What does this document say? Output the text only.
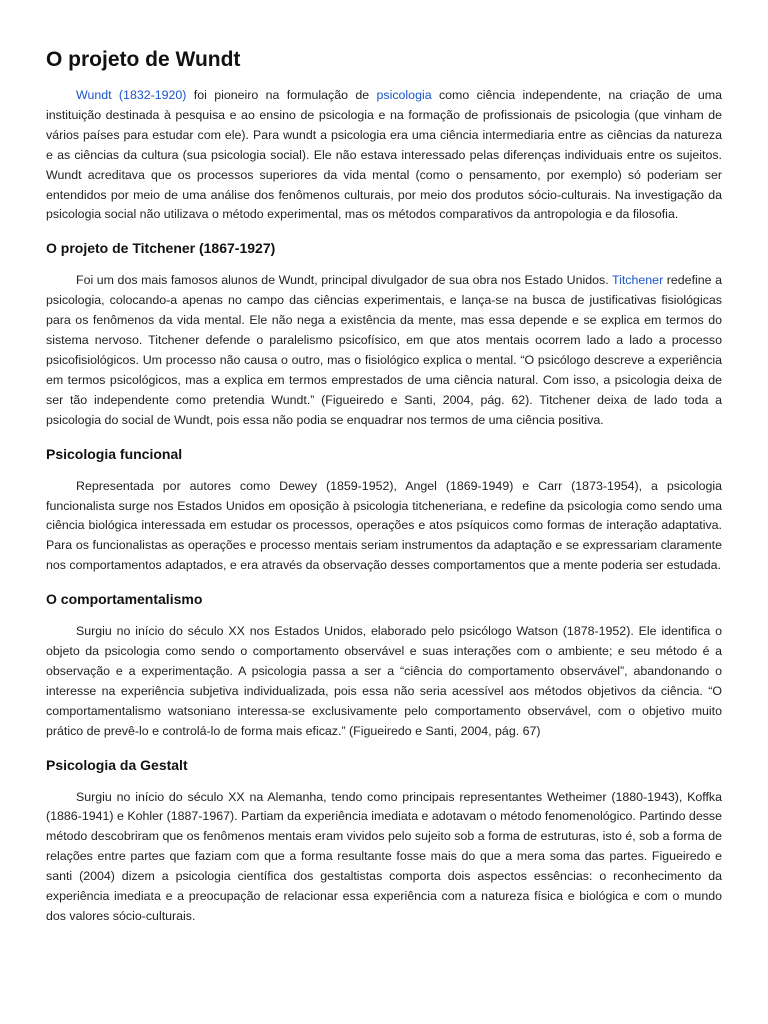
O projeto de Wundt

Wundt (1832-1920) foi pioneiro na formulação de psicologia como ciência independente, na criação de uma instituição destinada à pesquisa e ao ensino de psicologia e na formação de profissionais de psicologia (que vinham de vários países para estudar com ele). Para wundt a psicologia era uma ciência intermediaria entre as ciências da natureza e as ciências da cultura (sua psicologia social). Ele não estava interessado pelas diferenças individuais entre os sujeitos. Wundt acreditava que os processos superiores da vida mental (como o pensamento, por exemplo) só poderiam ser entendidos por meio de uma análise dos fenômenos culturais, por meio dos produtos sócio-culturais. Na investigação da psicologia social não utilizava o método experimental, mas os métodos comparativos da antropologia e da filosofia.

O projeto de Titchener (1867-1927)

Foi um dos mais famosos alunos de Wundt, principal divulgador de sua obra nos Estado Unidos. Titchener redefine a psicologia, colocando-a apenas no campo das ciências experimentais, e lança-se na busca de justificativas fisiológicas para os fenômenos da vida mental. Ele não nega a existência da mente, mas essa depende e se explica em termos do sistema nervoso. Titchener defende o paralelismo psicofísico, em que atos mentais ocorrem lado a lado a processo psicofisiológicos. Um processo não causa o outro, mas o fisiológico explica o mental. “O psicólogo descreve a experiência em termos psicológicos, mas a explica em termos emprestados de uma ciência natural. Com isso, a psicologia deixa de ser tão independente como pretendia Wundt.” (Figueiredo e Santi, 2004, pág. 62). Titchener deixa de lado toda a psicologia do social de Wundt, pois essa não podia se enquadrar nos termos de uma ciência positiva.

Psicologia funcional

Representada por autores como Dewey (1859-1952), Angel (1869-1949) e Carr (1873-1954), a psicologia funcionalista surge nos Estados Unidos em oposição à psicologia titcheneriana, e redefine da psicologia como sendo uma ciência biológica interessada em estudar os processos, operações e atos psíquicos como formas de interação adaptativa. Para os funcionalistas as operações e processo mentais seriam instrumentos da adaptação e se expressariam claramente nos comportamentos adaptados, e era através da observação desses comportamentos que a mente poderia ser estudada.

O comportamentalismo

Surgiu no início do século XX nos Estados Unidos, elaborado pelo psicólogo Watson (1878-1952). Ele identifica o objeto da psicologia como sendo o comportamento observável e suas interações com o ambiente; e seu método é a observação e a experimentação. A psicologia passa a ser a “ciência do comportamento observável”, abandonando o interesse na experiência subjetiva individualizada, pois essa não seria acessível aos métodos objetivos da ciência. “O comportamentalismo watsoniano interessa-se exclusivamente pelo comportamento observável, com o objetivo muito prático de prevê-lo e controlá-lo de forma mais eficaz.” (Figueiredo e Santi, 2004, pág. 67)

Psicologia da Gestalt

Surgiu no início do século XX na Alemanha, tendo como principais representantes Wetheimer (1880-1943), Koffka (1886-1941) e Kohler (1887-1967). Partiam da experiência imediata e adotavam o método fenomenológico. Partindo desse método descobriram que os fenômenos mentais eram vividos pelo sujeito sob a forma de estruturas, isto é, sob a forma de relações entre partes que faziam com que a forma resultante fosse mais do que a mera soma das partes. Figueiredo e santi (2004) dizem a psicologia científica dos gestaltistas comporta dois aspectos essências: o reconhecimento da experiência imediata e a preocupação de relacionar essa experiência com a natureza física e biológica e com o mundo dos valores sócio-culturais.
